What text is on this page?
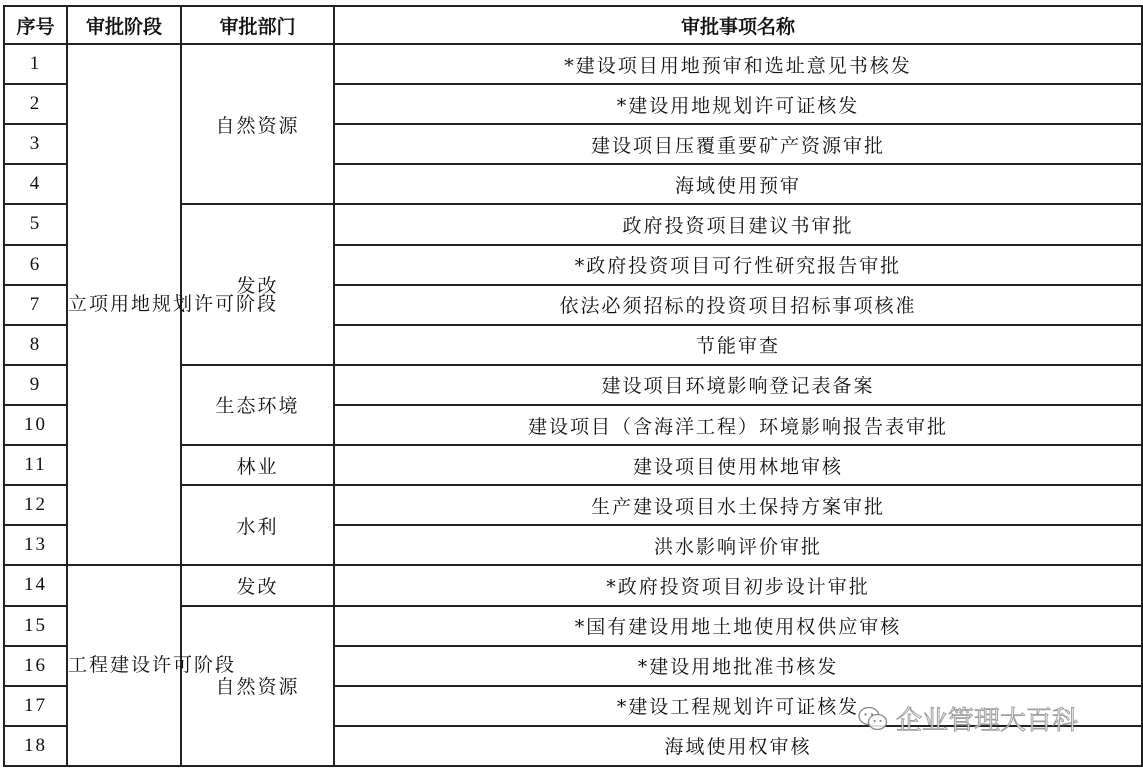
序号	审批阶段	审批部门	审批事项名称
1	立项用地规划许可阶段	自然资源	*建设项目用地预审和选址意见书核发
2			*建设用地规划许可证核发
3			建设项目压覆重要矿产资源审批
4			海域使用预审
5		发改	政府投资项目建议书审批
6			*政府投资项目可行性研究报告审批
7			依法必须招标的投资项目招标事项核准
8			节能审查
9		生态环境	建设项目环境影响登记表备案
10			建设项目（含海洋工程）环境影响报告表审批
11		林业	建设项目使用林地审核
12		水利	生产建设项目水土保持方案审批
13			洪水影响评价审批
14	工程建设许可阶段	发改	*政府投资项目初步设计审批
15		自然资源	*国有建设用地土地使用权供应审核
16			*建设用地批准书核发
17			*建设工程规划许可证核发
18			海域使用权审核
企业管理大百科
